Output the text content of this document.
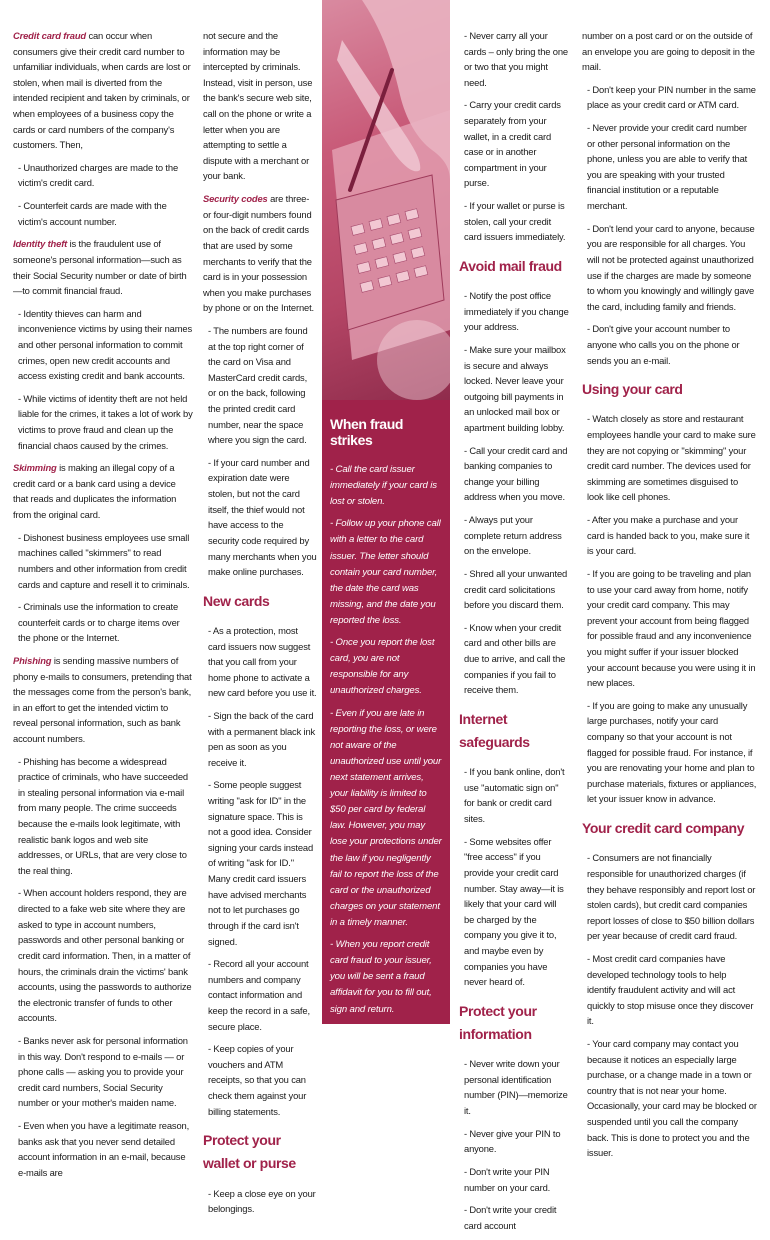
Credit card fraud can occur when consumers give their credit card number to unfamiliar individuals, when cards are lost or stolen, when mail is diverted from the intended recipient and taken by criminals, or when employees of a business copy the cards or card numbers of the company's customers. Then,

- Unauthorized charges are made to the victim's credit card.

- Counterfeit cards are made with the victim's account number.

Identity theft is the fraudulent use of someone's personal information—such as their Social Security number or date of birth—to commit financial fraud.

- Identity thieves can harm and inconvenience victims by using their names and other personal information to commit crimes, open new credit accounts and access existing credit and bank accounts.

- While victims of identity theft are not held liable for the crimes, it takes a lot of work by victims to prove fraud and clean up the financial chaos caused by the crimes.

Skimming is making an illegal copy of a credit card or a bank card using a device that reads and duplicates the information from the original card.

- Dishonest business employees use small machines called "skimmers" to read numbers and other information from credit cards and capture and resell it to criminals.

- Criminals use the information to create counterfeit cards or to charge items over the phone or the Internet.

Phishing is sending massive numbers of phony e-mails to consumers, pretending that the messages come from the person's bank, in an effort to get the intended victim to reveal personal information, such as bank account numbers.

- Phishing has become a widespread practice of criminals, who have succeeded in stealing personal information via e-mail from many people. The crime succeeds because the e-mails look legitimate, with realistic bank logos and web site addresses, or URLs, that are very close to the real thing.

- When account holders respond, they are directed to a fake web site where they are asked to type in account numbers, passwords and other personal banking or credit card information. Then, in a matter of hours, the criminals drain the victims' bank accounts, using the passwords to authorize the electronic transfer of funds to other accounts.

- Banks never ask for personal information in this way. Don't respond to e-mails — or phone calls — asking you to provide your credit card numbers, Social Security number or your mother's maiden name.

- Even when you have a legitimate reason, banks ask that you never send detailed account information in an e-mail, because e-mails are

not secure and the information may be intercepted by criminals. Instead, visit in person, use the bank's secure web site, call on the phone or write a letter when you are attempting to settle a dispute with a merchant or your bank.

Security codes are three- or four-digit numbers found on the back of credit cards that are used by some merchants to verify that the card is in your possession when you make purchases by phone or on the Internet.

- The numbers are found at the top right corner of the card on Visa and MasterCard credit cards, or on the back, following the printed credit card number, near the space where you sign the card.

- If your card number and expiration date were stolen, but not the card itself, the thief would not have access to the security code required by many merchants when you make online purchases.

New cards

- As a protection, most card issuers now suggest that you call from your home phone to activate a new card before you use it.

- Sign the back of the card with a permanent black ink pen as soon as you receive it.

- Some people suggest writing "ask for ID" in the signature space. This is not a good idea. Consider signing your cards instead of writing "ask for ID." Many credit card issuers have advised merchants not to let purchases go through if the card isn't signed.

- Record all your account numbers and company contact information and keep the record in a safe, secure place.

- Keep copies of your vouchers and ATM receipts, so that you can check them against your billing statements.

Protect your wallet or purse

- Keep a close eye on your belongings.

When fraud strikes

- Call the card issuer immediately if your card is lost or stolen.

- Follow up your phone call with a letter to the card issuer. The letter should contain your card number, the date the card was missing, and the date you reported the loss.

- Once you report the lost card, you are not responsible for any unauthorized charges.

- Even if you are late in reporting the loss, or were not aware of the unauthorized use until your next statement arrives, your liability is limited to $50 per card by federal law. However, you may lose your protections under the law if you negligently fail to report the loss of the card or the unauthorized charges on your statement in a timely manner.

- When you report credit card fraud to your issuer, you will be sent a fraud affidavit for you to fill out, sign and return.

- Return the fraud affidavit promptly.

- Never carry all your cards – only bring the one or two that you might need.

- Carry your credit cards separately from your wallet, in a credit card case or in another compartment in your purse.

- If your wallet or purse is stolen, call your credit card issuers immediately.

Avoid mail fraud

- Notify the post office immediately if you change your address.

- Make sure your mailbox is secure and always locked. Never leave your outgoing bill payments in an unlocked mail box or apartment building lobby.

- Call your credit card and banking companies to change your billing address when you move.

- Always put your complete return address on the envelope.

- Shred all your unwanted credit card solicitations before you discard them.

- Know when your credit card and other bills are due to arrive, and call the companies if you fail to receive them.

Internet safeguards

- If you bank online, don't use "automatic sign on" for bank or credit card sites.

- Some websites offer "free access" if you provide your credit card number. Stay away—it is likely that your card will be charged by the company you give it to, and maybe even by companies you have never heard of.

Protect your information

- Never write down your personal identification number (PIN)—memorize it.

- Never give your PIN to anyone.

- Don't write your PIN number on your card.

- Don't write your credit card account

number on a post card or on the outside of an envelope you are going to deposit in the mail.

- Don't keep your PIN number in the same place as your credit card or ATM card.

- Never provide your credit card number or other personal information on the phone, unless you are able to verify that you are speaking with your trusted financial institution or a reputable merchant.

- Don't lend your card to anyone, because you are responsible for all charges. You will not be protected against unauthorized use if the charges are made by someone to whom you knowingly and willingly gave the card, including family and friends.

- Don't give your account number to anyone who calls you on the phone or sends you an e-mail.

Using your card

- Watch closely as store and restaurant employees handle your card to make sure they are not copying or "skimming" your credit card number. The devices used for skimming are sometimes disguised to look like cell phones.

- After you make a purchase and your card is handed back to you, make sure it is your card.

- If you are going to be traveling and plan to use your card away from home, notify your credit card company. This may prevent your account from being flagged for possible fraud and any inconvenience you might suffer if your issuer blocked your account because you were using it in new places.

- If you are going to make any unusually large purchases, notify your card company so that your account is not flagged for possible fraud. For instance, if you are renovating your home and plan to purchase materials, fixtures or appliances, let your issuer know in advance.

Your credit card company

- Consumers are not financially responsible for unauthorized charges (if they behave responsibly and report lost or stolen cards), but credit card companies report losses of close to $50 billion dollars per year because of credit card fraud.

- Most credit card companies have developed technology tools to help identify fraudulent activity and will act quickly to stop misuse once they discover it.

- Your card company may contact you because it notices an especially large purchase, or a change made in a town or country that is not near your home. Occasionally, your card may be blocked or suspended until you call the company back. This is done to protect you and the issuer.
